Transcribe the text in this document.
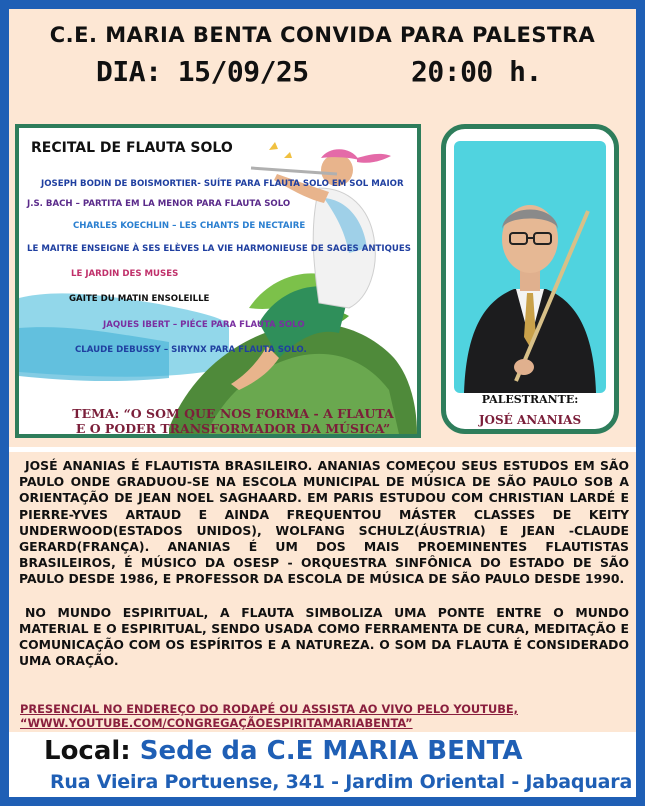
C.E. MARIA BENTA CONVIDA PARA PALESTRA
DIA: 15/09/25	20:00 h.
RECITAL DE FLAUTA SOLO
JOSEPH BODIN DE BOISMORTIER- SUÍTE PARA FLAUTA SOLO EM SOL MAIOR
J.S. BACH – PARTITA EM LA MENOR PARA FLAUTA SOLO
CHARLES KOECHLIN – LES CHANTS DE NECTAIRE
LE MAITRE ENSEIGNE À SES ELÈVES LA VIE HARMONIEUSE DE SAGES ANTIQUES
LE JARDIN DES MUSES
GAITE DU MATIN ENSOLEILLE
JAQUES IBERT – PIÉCE PARA FLAUTA SOLO
CLAUDE DEBUSSY – SIRYNX PARA FLAUTA SOLO.
TEMA: “O SOM QUE NOS FORMA - A FLAUTA
E O PODER TRANSFORMADOR DA MÚSICA”
PALESTRANTE:
JOSÉ ANANIAS

JOSÉ ANANIAS É FLAUTISTA BRASILEIRO. ANANIAS COMEÇOU SEUS ESTUDOS EM SÃO PAULO ONDE GRADUOU-SE NA ESCOLA MUNICIPAL DE MÚSICA DE SÃO PAULO SOB A ORIENTAÇÃO DE JEAN NOEL SAGHAARD. EM PARIS ESTUDOU COM CHRISTIAN LARDÉ E PIERRE-YVES ARTAUD E AINDA FREQUENTOU MÁSTER CLASSES DE KEITY UNDERWOOD(ESTADOS UNIDOS), WOLFANG SCHULZ(ÁUSTRIA) E JEAN -CLAUDE GERARD(FRANÇA). ANANIAS É UM DOS MAIS PROEMINENTES FLAUTISTAS BRASILEIROS, É MÚSICO DA OSESP - ORQUESTRA SINFÔNICA DO ESTADO DE SÃO PAULO DESDE 1986, E PROFESSOR DA ESCOLA DE MÚSICA DE SÃO PAULO DESDE 1990.

NO MUNDO ESPIRITUAL, A FLAUTA SIMBOLIZA UMA PONTE ENTRE O MUNDO MATERIAL E O ESPIRITUAL, SENDO USADA COMO FERRAMENTA DE CURA, MEDITAÇÃO E COMUNICAÇÃO COM OS ESPÍRITOS E A NATUREZA. O SOM DA FLAUTA É CONSIDERADO UMA ORAÇÃO.

PRESENCIAL NO ENDEREÇO DO RODAPÉ OU ASSISTA AO VIVO PELO YOUTUBE,
“WWW.YOUTUBE.COM/CONGREGAÇÃOESPIRITAMARIABENTA”
Local: Sede da C.E MARIA BENTA
Rua Vieira Portuense, 341 - Jardim Oriental - Jabaquara
